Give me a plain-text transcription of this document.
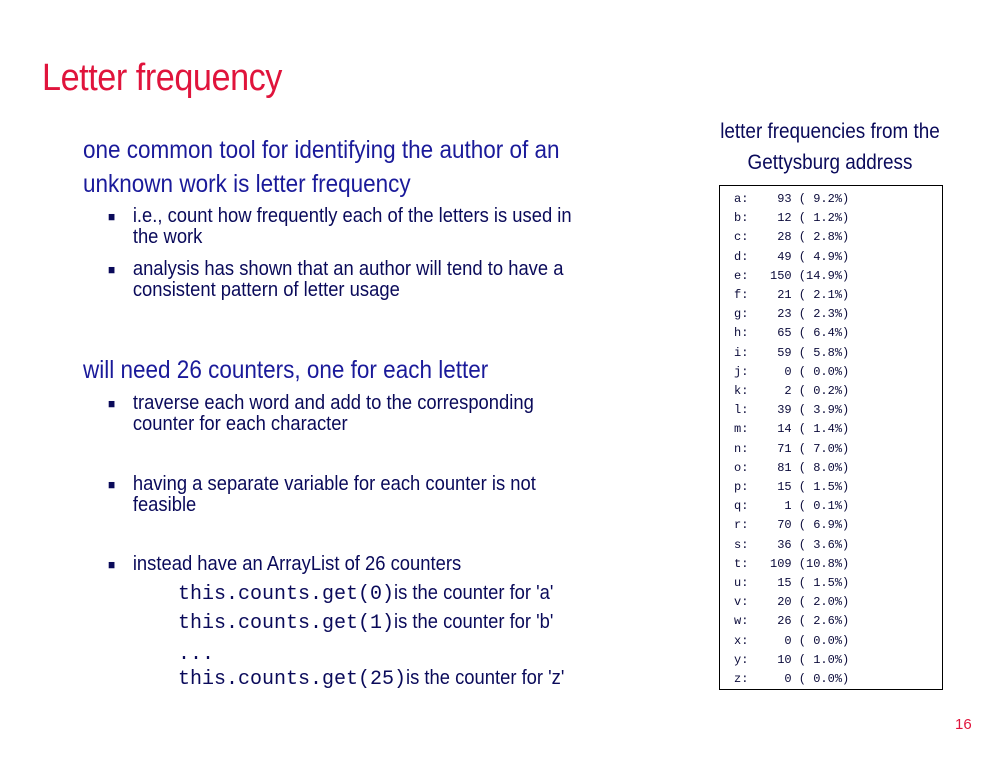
Letter frequency
one common tool for identifying the author of an
unknown work is letter frequency
■ i.e., count how frequently each of the letters is used in
the work
■ analysis has shown that an author will tend to have a
consistent pattern of letter usage
will need 26 counters, one for each letter
■ traverse each word and add to the corresponding
counter for each character
■ having a separate variable for each counter is not
feasible
■ instead have an ArrayList of 26 counters
this.counts.get(0)is the counter for 'a'
this.counts.get(1)is the counter for 'b'
...
this.counts.get(25)is the counter for 'z'
letter frequencies from the
Gettysburg address
a:    93 ( 9.2%)
b:    12 ( 1.2%)
c:    28 ( 2.8%)
d:    49 ( 4.9%)
e:   150 (14.9%)
f:    21 ( 2.1%)
g:    23 ( 2.3%)
h:    65 ( 6.4%)
i:    59 ( 5.8%)
j:     0 ( 0.0%)
k:     2 ( 0.2%)
l:    39 ( 3.9%)
m:    14 ( 1.4%)
n:    71 ( 7.0%)
o:    81 ( 8.0%)
p:    15 ( 1.5%)
q:     1 ( 0.1%)
r:    70 ( 6.9%)
s:    36 ( 3.6%)
t:   109 (10.8%)
u:    15 ( 1.5%)
v:    20 ( 2.0%)
w:    26 ( 2.6%)
x:     0 ( 0.0%)
y:    10 ( 1.0%)
z:     0 ( 0.0%)
16
